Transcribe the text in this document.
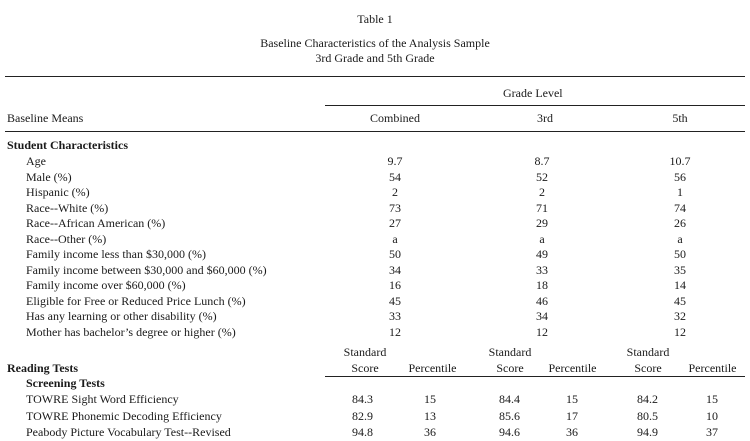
Table 1
Baseline Characteristics of the Analysis Sample
3rd Grade and 5th Grade
Grade Level
Baseline Means	Combined	3rd	5th
Student Characteristics
Age	9.7	8.7	10.7
Male (%)	54	52	56
Hispanic (%)	2	2	1
Race--White (%)	73	71	74
Race--African American (%)	27	29	26
Race--Other (%)	a	a	a
Family income less than $30,000 (%)	50	49	50
Family income between $30,000 and $60,000 (%)	34	33	35
Family income over $60,000 (%)	16	18	14
Eligible for Free or Reduced Price Lunch (%)	45	46	45
Has any learning or other disability (%)	33	34	32
Mother has bachelor’s degree or higher (%)	12	12	12
Standard
Score	Percentile
Standard
Score	Percentile
Standard
Score	Percentile
Reading Tests
Screening Tests
TOWRE Sight Word Efficiency	84.3	15	84.4	15	84.2	15
TOWRE Phonemic Decoding Efficiency	82.9	13	85.6	17	80.5	10
Peabody Picture Vocabulary Test--Revised	94.8	36	94.6	36	94.9	37
